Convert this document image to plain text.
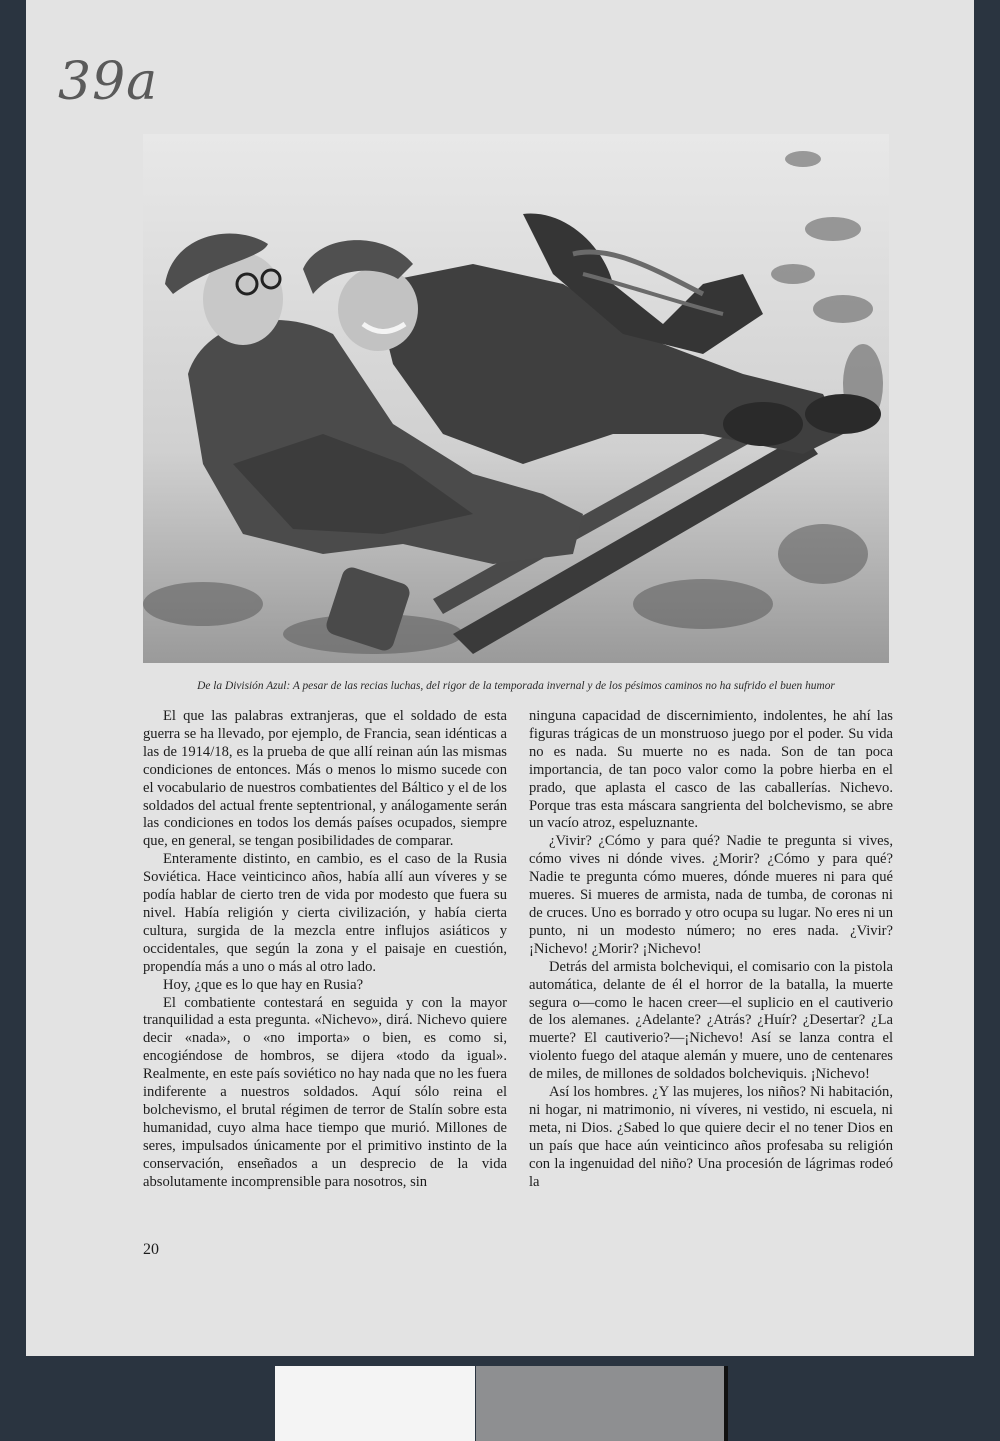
39a
De la División Azul: A pesar de las recias luchas, del rigor de la temporada invernal y de los pésimos caminos no ha sufrido el buen humor

El que las palabras extranjeras, que el soldado de esta guerra se ha llevado, por ejemplo, de Francia, sean idénticas a las de 1914/18, es la prueba de que allí reinan aún las mismas condiciones de entonces. Más o menos lo mismo sucede con el vocabulario de nuestros combatientes del Báltico y el de los soldados del actual frente septentrional, y análogamente serán las condiciones en todos los demás países ocupados, siempre que, en general, se tengan posibilidades de comparar.

Enteramente distinto, en cambio, es el caso de la Rusia Soviética. Hace veinticinco años, había allí aun víveres y se podía hablar de cierto tren de vida por modesto que fuera su nivel. Había religión y cierta civilización, y había cierta cultura, surgida de la mezcla entre influjos asiáticos y occidentales, que según la zona y el paisaje en cuestión, propendía más a uno o más al otro lado.

Hoy, ¿que es lo que hay en Rusia?

El combatiente contestará en seguida y con la mayor tranquilidad a esta pregunta. «Nichevo», dirá. Nichevo quiere decir «nada», o «no importa» o bien, es como si, encogiéndose de hombros, se dijera «todo da igual». Realmente, en este país soviético no hay nada que no les fuera indiferente a nuestros soldados. Aquí sólo reina el bolchevismo, el brutal régimen de terror de Stalín sobre esta humanidad, cuyo alma hace tiempo que murió. Millones de seres, impulsados únicamente por el primitivo instinto de la conservación, enseñados a un desprecio de la vida absolutamente incomprensible para nosotros, sin

ninguna capacidad de discernimiento, indolentes, he ahí las figuras trágicas de un monstruoso juego por el poder. Su vida no es nada. Su muerte no es nada. Son de tan poca importancia, de tan poco valor como la pobre hierba en el prado, que aplasta el casco de las caballerías. Nichevo. Porque tras esta máscara sangrienta del bolchevismo, se abre un vacío atroz, espeluznante.

¿Vivir? ¿Cómo y para qué? Nadie te pregunta si vives, cómo vives ni dónde vives. ¿Morir? ¿Cómo y para qué? Nadie te pregunta cómo mueres, dónde mueres ni para qué mueres. Si mueres de armista, nada de tumba, de coronas ni de cruces. Uno es borrado y otro ocupa su lugar. No eres ni un punto, ni un modesto número; no eres nada. ¿Vivir? ¡Nichevo! ¿Morir? ¡Nichevo!

Detrás del armista bolcheviqui, el comisario con la pistola automática, delante de él el horror de la batalla, la muerte segura o—como le hacen creer—el suplicio en el cautiverio de los alemanes. ¿Adelante? ¿Atrás? ¿Huír? ¿Desertar? ¿La muerte? El cautiverio?—¡Nichevo! Así se lanza contra el violento fuego del ataque alemán y muere, uno de centenares de miles, de millones de soldados bolcheviquis. ¡Nichevo!

Así los hombres. ¿Y las mujeres, los niños? Ni habitación, ni hogar, ni matrimonio, ni víveres, ni vestido, ni escuela, ni meta, ni Dios. ¿Sabed lo que quiere decir el no tener Dios en un país que hace aún veinticinco años profesaba su religión con la ingenuidad del niño? Una procesión de lágrimas rodeó la

20
